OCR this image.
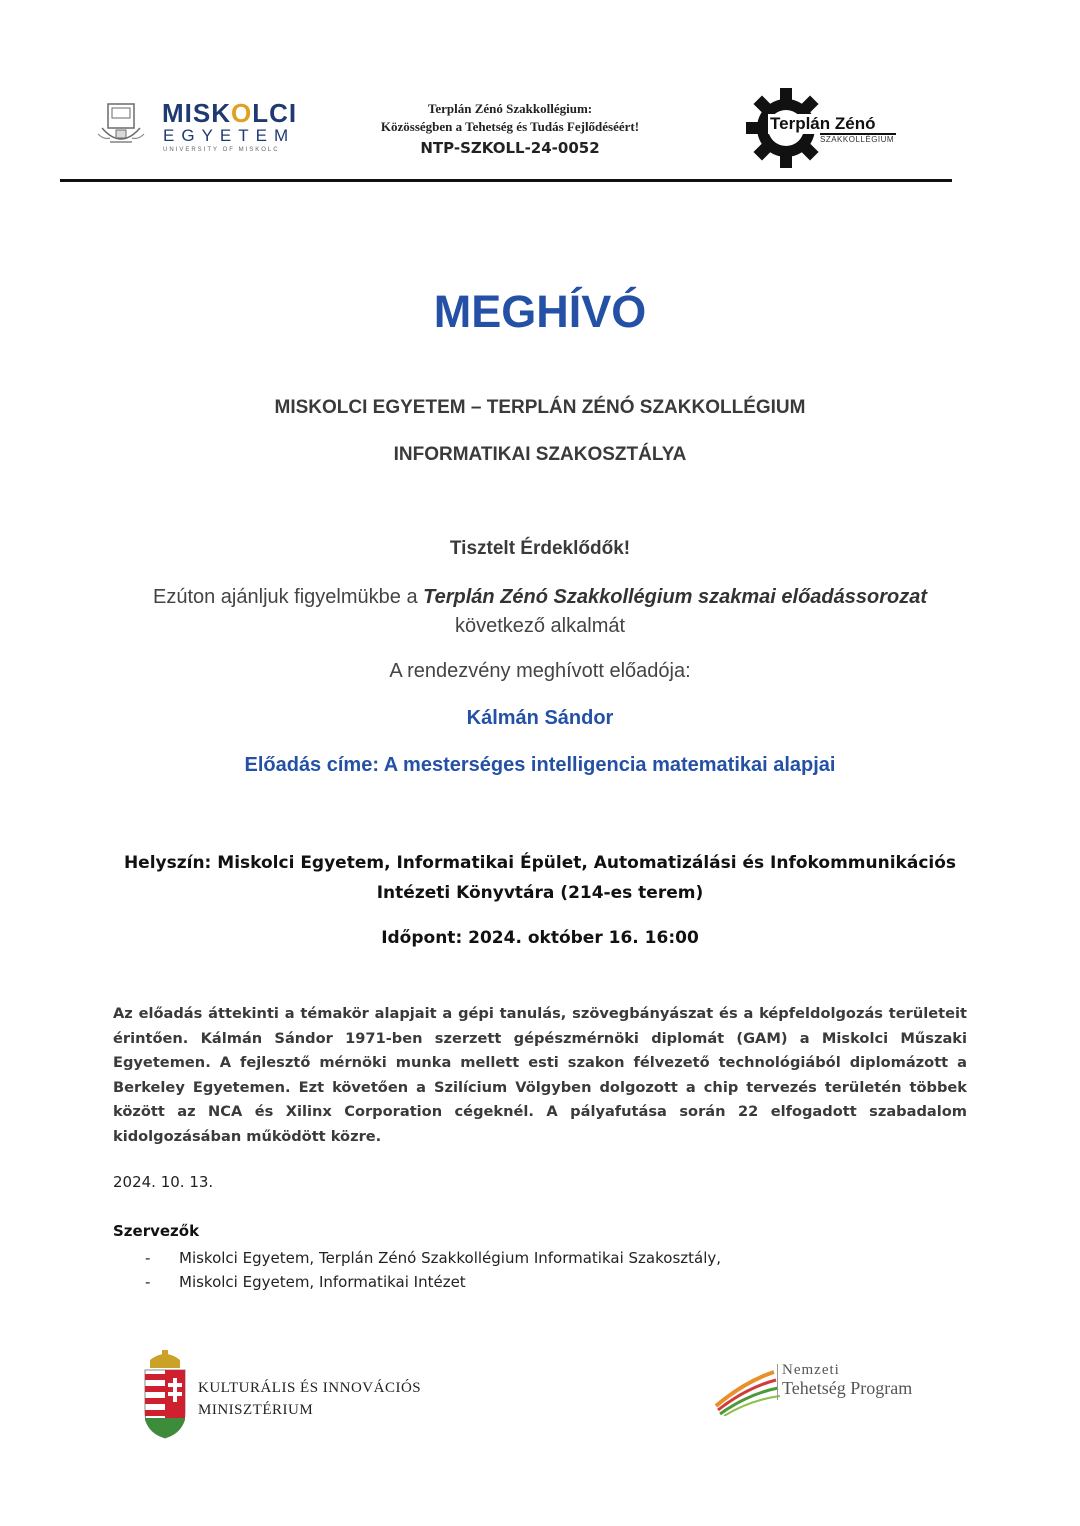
MISKOLCI
EGYETEM
UNIVERSITY OF MISKOLC
Terplán Zénó Szakkollégium:
Közösségben a Tehetség és Tudás Fejlődéséért!
NTP-SZKOLL-24-0052
Terplán Zénó
SZAKKOLLÉGIUM
MEGHÍVÓ
MISKOLCI EGYETEM – TERPLÁN ZÉNÓ SZAKKOLLÉGIUM
INFORMATIKAI SZAKOSZTÁLYA
Tisztelt Érdeklődők!
Ezúton ajánljuk figyelmükbe a Terplán Zénó Szakkollégium szakmai előadássorozat
következő alkalmát
A rendezvény meghívott előadója:
Kálmán Sándor
Előadás címe: A mesterséges intelligencia matematikai alapjai
Helyszín: Miskolci Egyetem, Informatikai Épület, Automatizálási és Infokommunikációs Intézeti Könyvtára (214-es terem)
Időpont: 2024. október 16. 16:00
Az előadás áttekinti a témakör alapjait a gépi tanulás, szövegbányászat és a képfeldolgozás területeit érintően. Kálmán Sándor 1971-ben szerzett gépészmérnöki diplomát (GAM) a Miskolci Műszaki Egyetemen. A fejlesztő mérnöki munka mellett esti szakon félvezető technológiából diplomázott a Berkeley Egyetemen. Ezt követően a Szilícium Völgyben dolgozott a chip tervezés területén többek között az NCA és Xilinx Corporation cégeknél. A pályafutása során 22 elfogadott szabadalom kidolgozásában működött közre.
2024. 10. 13.
Szervezők
- Miskolci Egyetem, Terplán Zénó Szakkollégium Informatikai Szakosztály,
- Miskolci Egyetem, Informatikai Intézet
KULTURÁLIS ÉS INNOVÁCIÓS
MINISZTÉRIUM
Nemzeti
Tehetség Program
